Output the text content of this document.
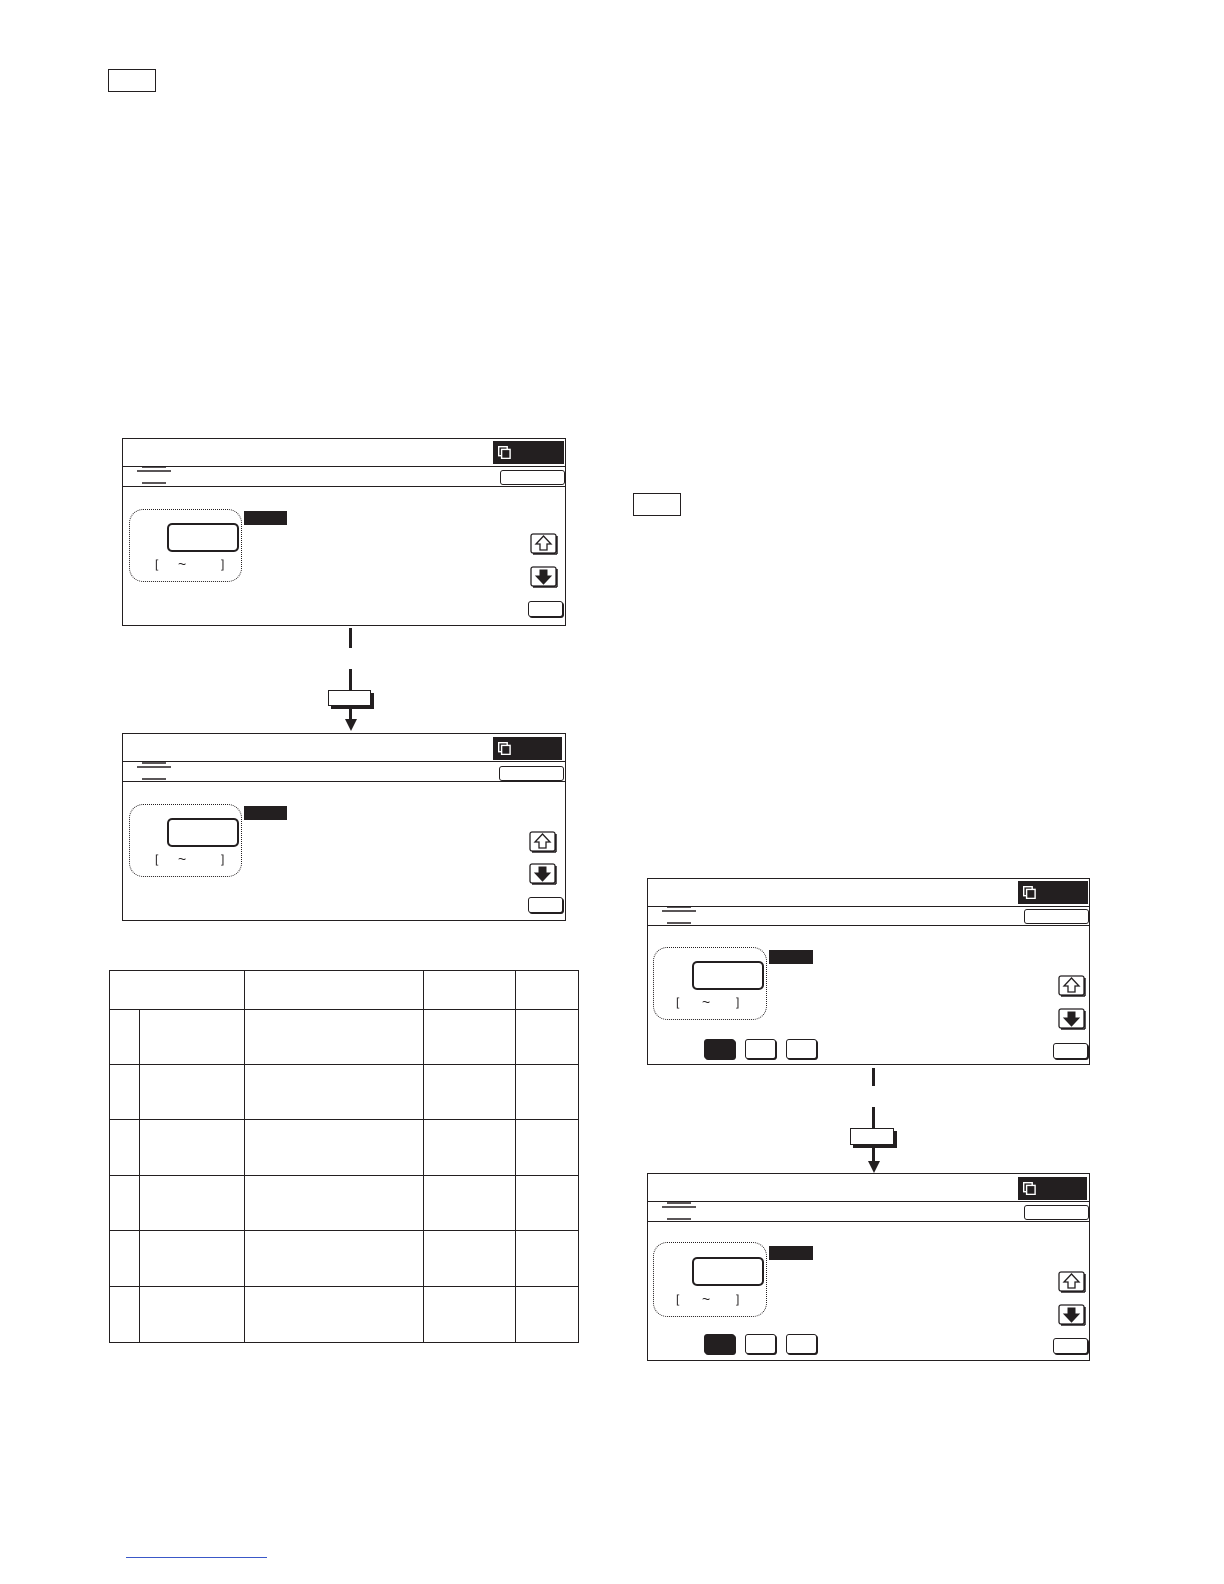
[ ~	]
[ ~	]

[ ~ ]
[ ~ ]
